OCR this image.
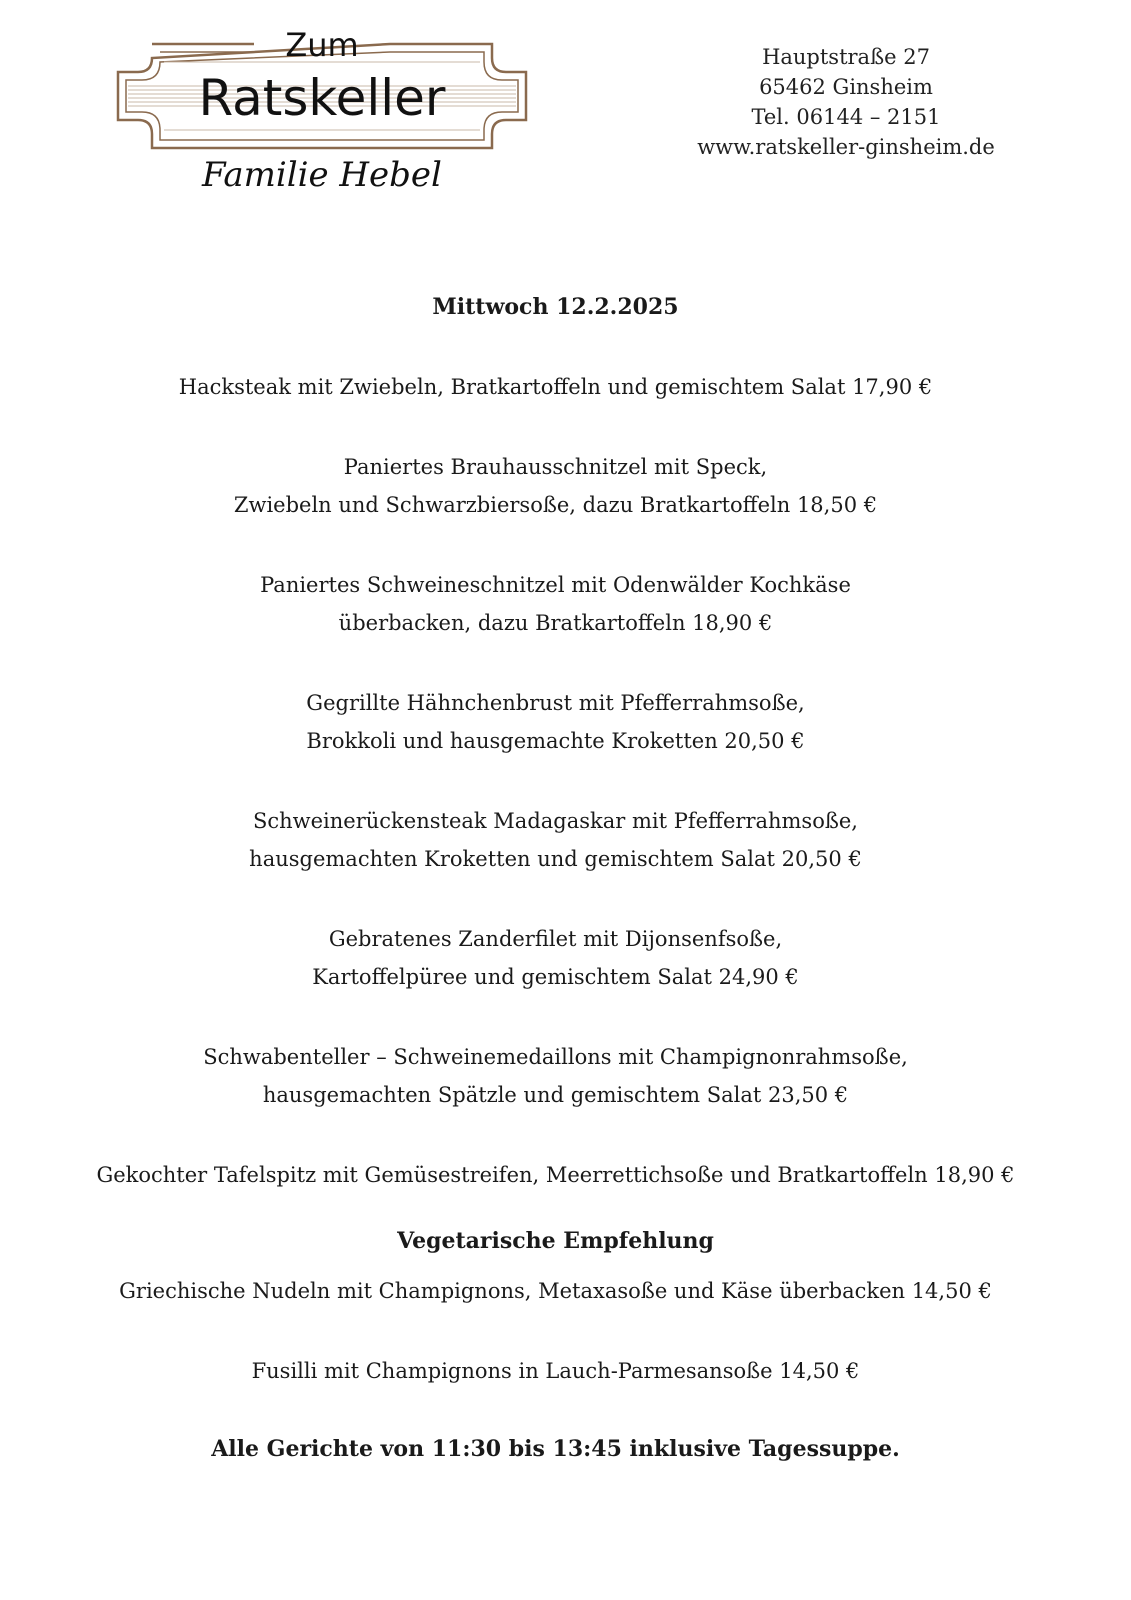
Zum
Ratskeller
Familie Hebel
Hauptstraße 27
65462 Ginsheim
Tel. 06144 – 2151
www.ratskeller-ginsheim.de
Mittwoch 12.2.2025
Hacksteak mit Zwiebeln, Bratkartoffeln und gemischtem Salat 17,90 €
Paniertes Brauhausschnitzel mit Speck,
Zwiebeln und Schwarzbiersoße, dazu Bratkartoffeln 18,50 €
Paniertes Schweineschnitzel mit Odenwälder Kochkäse
überbacken, dazu Bratkartoffeln 18,90 €
Gegrillte Hähnchenbrust mit Pfefferrahmsoße,
Brokkoli und hausgemachte Kroketten 20,50 €
Schweinerückensteak Madagaskar mit Pfefferrahmsoße,
hausgemachten Kroketten und gemischtem Salat 20,50 €
Gebratenes Zanderfilet mit Dijonsenfsoße,
Kartoffelpüree und gemischtem Salat 24,90 €
Schwabenteller – Schweinemedaillons mit Champignonrahmsoße,
hausgemachten Spätzle und gemischtem Salat 23,50 €
Gekochter Tafelspitz mit Gemüsestreifen, Meerrettichsoße und Bratkartoffeln 18,90 €
Vegetarische Empfehlung
Griechische Nudeln mit Champignons, Metaxasoße und Käse überbacken 14,50 €
Fusilli mit Champignons in Lauch-Parmesansoße 14,50 €
Alle Gerichte von 11:30 bis 13:45 inklusive Tagessuppe.
